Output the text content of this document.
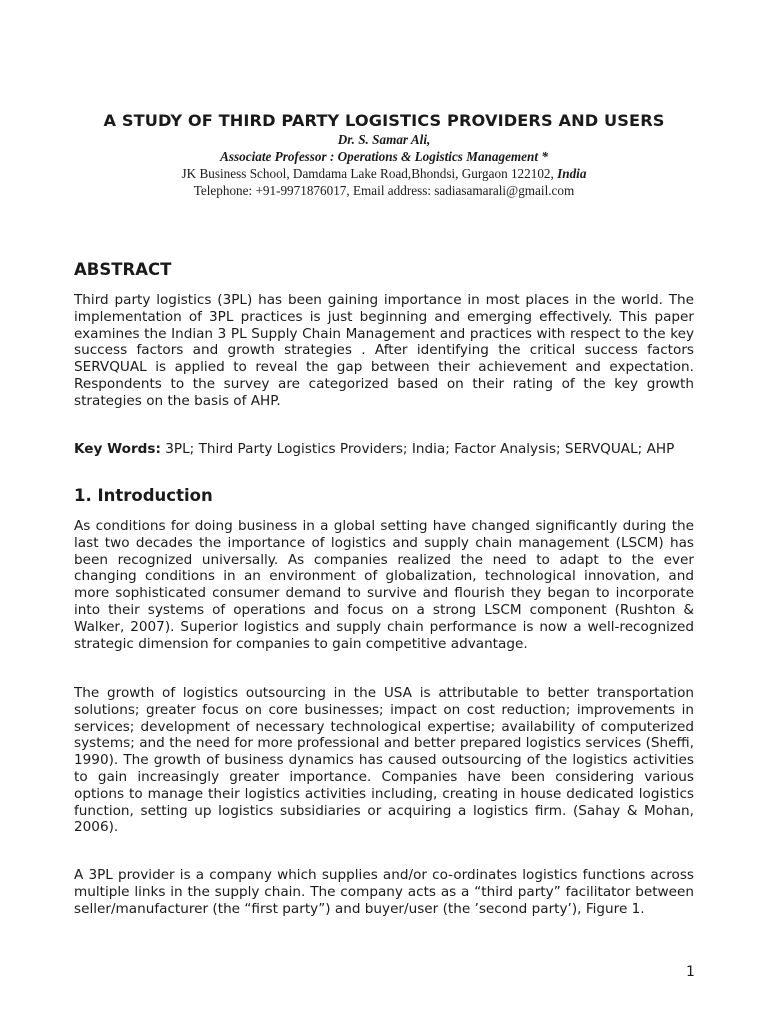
A STUDY OF THIRD PARTY LOGISTICS PROVIDERS AND USERS
Dr. S. Samar Ali,
Associate Professor : Operations & Logistics Management *
JK Business School, Damdama Lake Road,Bhondsi, Gurgaon 122102, India
Telephone: +91-9971876017, Email address: sadiasamarali@gmail.com
ABSTRACT

Third party logistics (3PL) has been gaining importance in most places in the world. The implementation of 3PL practices is just beginning and emerging effectively. This paper examines the Indian 3 PL Supply Chain Management and practices with respect to the key success factors and growth strategies . After identifying the critical success factors SERVQUAL is applied to reveal the gap between their achievement and expectation. Respondents to the survey are categorized based on their rating of the key growth strategies on the basis of AHP.

Key Words: 3PL; Third Party Logistics Providers; India; Factor Analysis; SERVQUAL; AHP

1. Introduction

As conditions for doing business in a global setting have changed significantly during the last two decades the importance of logistics and supply chain management (LSCM) has been recognized universally. As companies realized the need to adapt to the ever changing conditions in an environment of globalization, technological innovation, and more sophisticated consumer demand to survive and flourish they began to incorporate into their systems of operations and focus on a strong LSCM component (Rushton & Walker, 2007). Superior logistics and supply chain performance is now a well-recognized strategic dimension for companies to gain competitive advantage.

The growth of logistics outsourcing in the USA is attributable to better transportation solutions; greater focus on core businesses; impact on cost reduction; improvements in services; development of necessary technological expertise; availability of computerized systems; and the need for more professional and better prepared logistics services (Sheffi, 1990). The growth of business dynamics has caused outsourcing of the logistics activities to gain increasingly greater importance. Companies have been considering various options to manage their logistics activities including, creating in house dedicated logistics function, setting up logistics subsidiaries or acquiring a logistics firm. (Sahay & Mohan, 2006).

A 3PL provider is a company which supplies and/or co-ordinates logistics functions across multiple links in the supply chain. The company acts as a “third party” facilitator between seller/manufacturer (the “first party”) and buyer/user (the ’second party’), Figure 1.

1
